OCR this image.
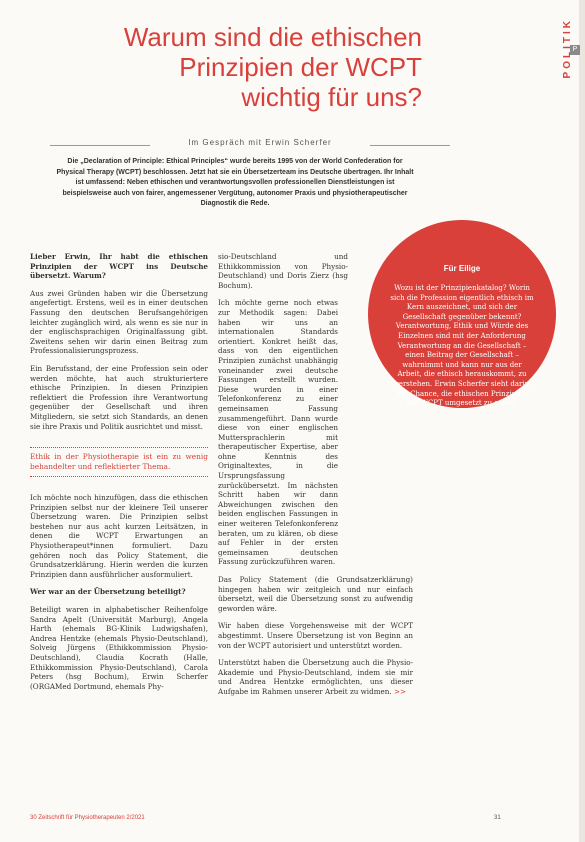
P
POLITIK
Warum sind die ethischen
Prinzipien der WCPT
wichtig für uns?
Im Gespräch mit Erwin Scherfer
Die „Declaration of Principle: Ethical Principles“ wurde bereits 1995 von der World Confederation for Physical Therapy (WCPT) beschlossen. Jetzt hat sie ein Übersetzerteam ins Deutsche übertragen. Ihr Inhalt ist umfassend: Neben ethischen und verantwortungsvollen professionellen Dienstleistungen ist beispielsweise auch von fairer, angemessener Vergütung, autonomer Praxis und physiotherapeutischer Diagnostik die Rede.

Lieber Erwin, Ihr habt die ethischen Prinzipien der WCPT ins Deutsche übersetzt. Warum?

Aus zwei Gründen haben wir die Übersetzung angefertigt. Erstens, weil es in einer deutschen Fassung den deutschen Berufsangehörigen leichter zugänglich wird, als wenn es sie nur in der englischsprachigen Originalfassung gibt. Zweitens sehen wir darin einen Beitrag zum Professionalisierungsprozess.

Ein Berufsstand, der eine Profession sein oder werden möchte, hat auch strukturiertere ethische Prinzipien. In diesen Prinzipien reflektiert die Profession ihre Verantwortung gegenüber der Gesellschaft und ihren Mitgliedern, sie setzt sich Standards, an denen sie ihre Praxis und Politik ausrichtet und misst.

Ethik in der Physiotherapie ist ein zu wenig behandelter und reflektierter Thema.

Ich möchte noch hinzufügen, dass die ethischen Prinzipien selbst nur der kleinere Teil unserer Übersetzung waren. Die Prinzipien selbst bestehen nur aus acht kurzen Leitsätzen, in denen die WCPT Erwartungen an Physiotherapeut*innen formuliert. Dazu gehören noch das Policy Statement, die Grundsatzerklärung. Hierin werden die kurzen Prinzipien dann ausführlicher ausformuliert.

Wer war an der Übersetzung beteiligt?

Beteiligt waren in alphabetischer Reihenfolge Sandra Apelt (Universität Marburg), Angela Harth (ehemals BG-Klinik Ludwigshafen), Andrea Hentzke (ehemals Physio-Deutschland), Solveig Jürgens (Ethikkommission Physio-Deutschland), Claudia Kocrath (Halle, Ethikkommission Physio-Deutschland), Carola Peters (hsg Bochum), Erwin Scherfer (ORGAMed Dortmund, ehemals Phy-

sio-Deutschland und Ethikkommission von Physio-Deutschland) und Doris Zierz (hsg Bochum).

Ich möchte gerne noch etwas zur Methodik sagen: Dabei haben wir uns an internationalen Standards orientiert. Konkret heißt das, dass von den eigentlichen Prinzipien zunächst unabhängig voneinander zwei deutsche Fassungen erstellt wurden. Diese wurden in einer Telefonkonferenz zu einer gemeinsamen Fassung zusammengeführt. Dann wurde diese von einer englischen Muttersprachlerin mit therapeutischer Expertise, aber ohne Kenntnis des Originaltextes, in die Ursprungsfassung zurückübersetzt. Im nächsten Schritt haben wir dann Abweichungen zwischen den beiden englischen Fassungen in einer weiteren Telefonkonferenz beraten, um zu klären, ob diese auf Fehler in der ersten gemeinsamen deutschen Fassung zurückzuführen waren.

Das Policy Statement (die Grundsatzerklärung) hingegen haben wir zeitgleich und nur einfach übersetzt, weil die Übersetzung sonst zu aufwendig geworden wäre.

Wir haben diese Vorgehensweise mit der WCPT abgestimmt. Unsere Übersetzung ist von Beginn an von der WCPT autorisiert und unterstützt worden.

Unterstützt haben die Übersetzung auch die Physio-Akademie und Physio-Deutschland, indem sie mir und Andrea Hentzke ermöglichten, uns dieser Aufgabe im Rahmen unserer Arbeit zu widmen. >>

Für Eilige
Wozu ist der Prinzipienkatalog? Worin sich die Profession eigentlich ethisch im Kern auszeichnet, und sich der Gesellschaft gegenüber bekennt? Verantwortung, Ethik und Würde des Einzelnen sind mit der Anforderung Verantwortung an die Gesellschaft – einen Beitrag der Gesellschaft – wahrnimmt und kann nur aus der Arbeit, die ethisch herauskommt, zu verstehen. Erwin Scherfer sieht darin die Chance, die ethischen Prinzipien der WCPT umgesetzt zu sehen.
30 Zeitschrift für Physiotherapeuten 2/2021	31
